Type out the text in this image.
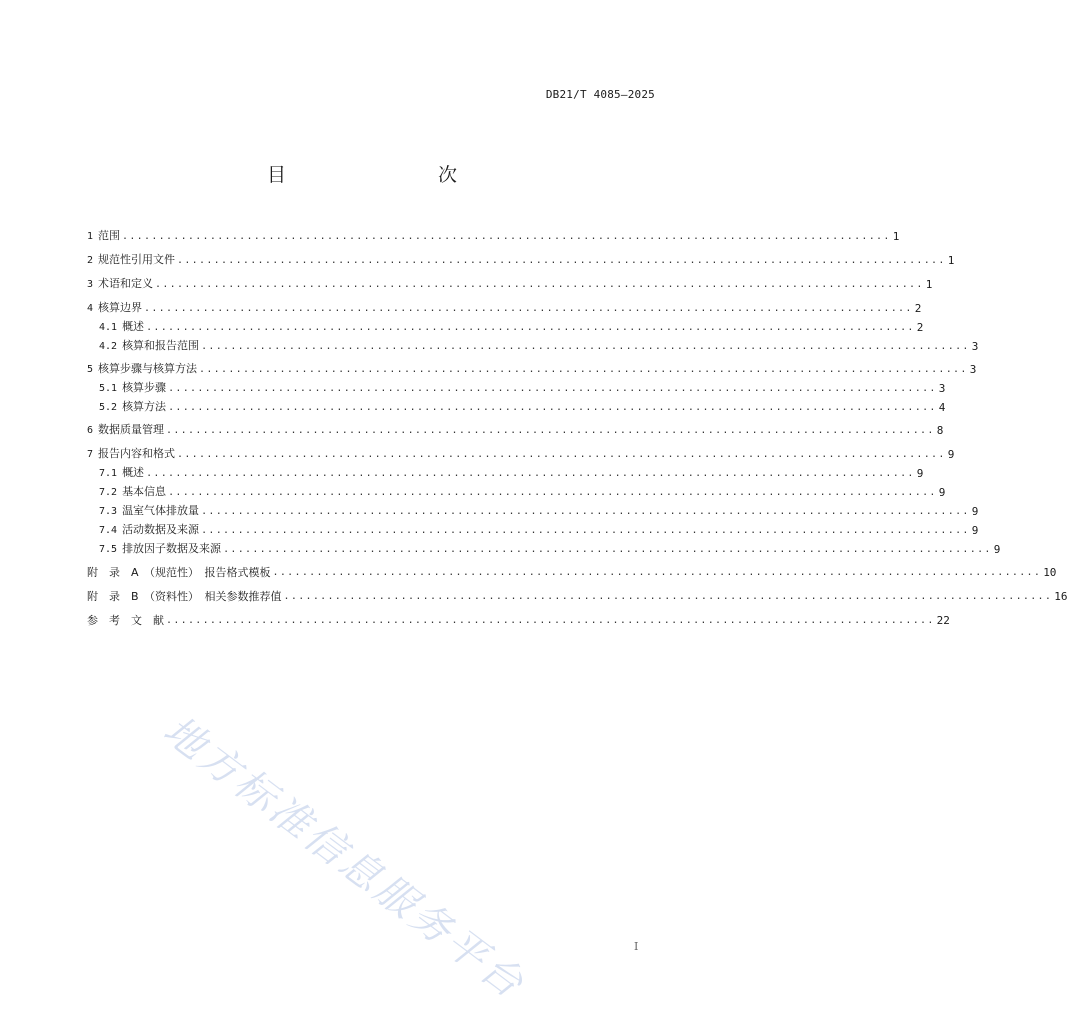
DB21/T 4085—2025
目　　次
1 范围 ......................................................................................................... 1
2 规范性引用文件 ......................................................................................................... 1
3 术语和定义 ......................................................................................................... 1
4 核算边界 ......................................................................................................... 2
4.1 概述 ......................................................................................................... 2
4.2 核算和报告范围 ......................................................................................................... 3
5 核算步骤与核算方法 ......................................................................................................... 3
5.1 核算步骤 ......................................................................................................... 3
5.2 核算方法 ......................................................................................................... 4
6 数据质量管理 ......................................................................................................... 8
7 报告内容和格式 ......................................................................................................... 9
7.1 概述 ......................................................................................................... 9
7.2 基本信息 ......................................................................................................... 9
7.3 温室气体排放量 ......................................................................................................... 9
7.4 活动数据及来源 ......................................................................................................... 9
7.5 排放因子数据及来源 ......................................................................................................... 9
附　录　A　（规范性）　报告格式模板 ......................................................................................................... 10
附　录　B　（资料性）　相关参数推荐值 ......................................................................................................... 16
参　考　文　献 ......................................................................................................... 22
地方标准信息服务平台	I
